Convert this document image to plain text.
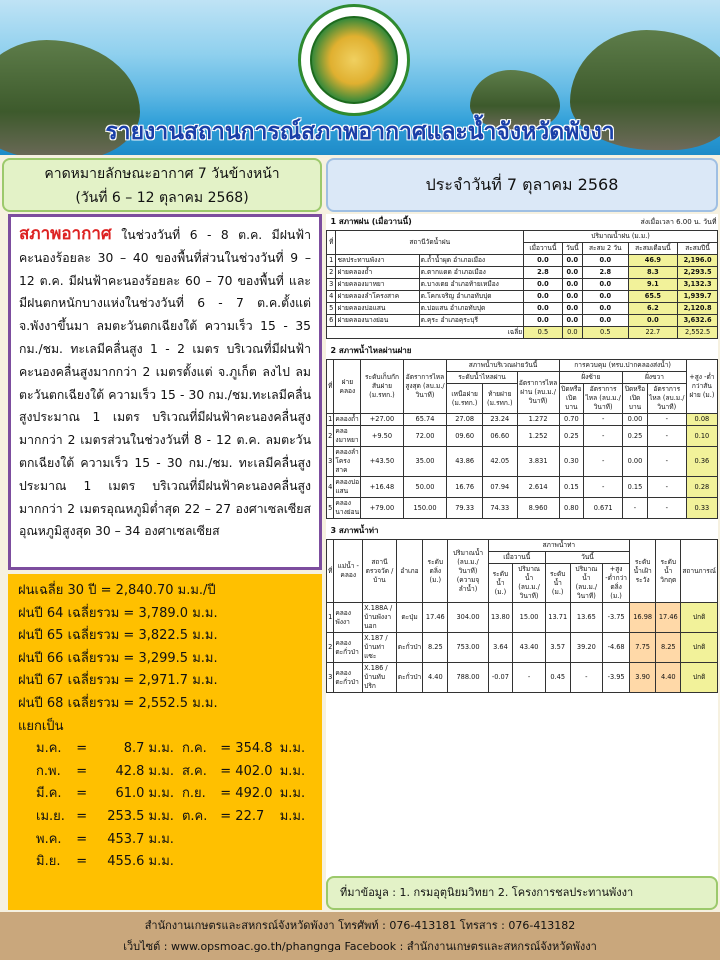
รายงานสถานการณ์สภาพอากาศและน้ำจังหวัดพังงา
คาดหมายลักษณะอากาศ 7 วันข้างหน้า
(วันที่ 6 – 12 ตุลาคม 2568)
ประจำวันที่ 7 ตุลาคม 2568
สภาพอากาศ ในช่วงวันที่ 6 - 8 ต.ค. มีฝนฟ้าคะนองร้อยละ 30 – 40 ของพื้นที่ส่วนในช่วงวันที่ 9 – 12 ต.ค. มีฝนฟ้าคะนองร้อยละ 60 – 70 ของพื้นที่ และมีฝนตกหนักบางแห่งในช่วงวันที่ 6 - 7 ต.ค.ตั้งแต่ จ.พังงาขึ้นมา ลมตะวันตกเฉียงใต้ ความเร็ว 15 - 35 กม./ชม. ทะเลมีคลื่นสูง 1 - 2 เมตร บริเวณที่มีฝนฟ้าคะนองคลื่นสูงมากกว่า 2 เมตรตั้งแต่ จ.ภูเก็ต ลงไป ลมตะวันตกเฉียงใต้ ความเร็ว 15 - 30 กม./ชม.ทะเลมีคลื่นสูงประมาณ 1 เมตร บริเวณที่มีฝนฟ้าคะนองคลื่นสูงมากกว่า 2 เมตรส่วนในช่วงวันที่ 8 - 12 ต.ค. ลมตะวันตกเฉียงใต้ ความเร็ว 15 - 30 กม./ชม. ทะเลมีคลื่นสูงประมาณ 1 เมตร บริเวณที่มีฝนฟ้าคะนองคลื่นสูงมากกว่า 2 เมตรอุณหภูมิต่ำสุด 22 – 27 องศาเซลเซียส อุณหภูมิสูงสุด 30 – 34 องศาเซลเซียส
ฝนเฉลี่ย 30 ปี = 2,840.70 ม.ม./ปี
ฝนปี 64 เฉลี่ยรวม = 3,789.0 ม.ม.
ฝนปี 65 เฉลี่ยรวม = 3,822.5 ม.ม.
ฝนปี 66 เฉลี่ยรวม = 3,299.5 ม.ม.
ฝนปี 67 เฉลี่ยรวม = 2,971.7 ม.ม.
ฝนปี 68 เฉลี่ยรวม = 2,552.5 ม.ม.
แยกเป็น
ม.ค.	=	8.7 ม.ม. ก.ค.	= 354.8 ม.ม.
ก.พ.	=	42.8 ม.ม. ส.ค.	= 402.0 ม.ม.
มี.ค.	=	61.0 ม.ม. ก.ย.	= 492.0 ม.ม.
เม.ย. =	253.5 ม.ม. ต.ค. = 22.7	ม.ม.
พ.ค.	=	453.7 ม.ม.
มิ.ย.	=	455.6 ม.ม.
1 สภาพฝน (เมื่อวานนี้)				ส่งเมื่อเวลา 6.00 น. วันที่			
ที่	สถานีวัดน้ำฝน		ปริมาณน้ำฝน (ม.ม.)				
			เมื่อวานนี้	วันนี้	สะสม 2 วัน	สะสมเดือนนี้	สะสมปีนี้
1	ชลประทานพังงา	ต.ถ้ำน้ำผุด อำเภอเมือง	0.0	0.0	0.0	46.9	2,196.0
2	ฝายคลองถ้ำ	ต.ตากแดด อำเภอเมือง	2.8	0.0	2.8	8.3	2,293.5
3	ฝายคลองมาหยา	ต.บางเตย อำเภอท้ายเหมือง	0.0	0.0	0.0	9.1	3,132.3
4	ฝายคลองลำโครงสาค	ต.โคกเจริญ อำเภอทับปุด	0.0	0.0	0.0	65.5	1,939.7
5	ฝายคลองบ่อแสน	ต.บ่อแสน อำเภอทับปุด	0.0	0.0	0.0	6.2	2,120.8
6	ฝายคลองนางย่อน	ต.คุระ อำเภอคุระบุรี	0.0	0.0	0.0	0.0	3,632.6
เฉลี่ย			0.5	0.0	0.5	22.7	2,552.5
2 สภาพน้ำไหลผ่านฝาย											
ที่	ฝายคลอง	ระดับเก็บกักสันฝาย (ม.รทก.)	อัตราการไหลสูงสุด (ลบ.ม./วินาที)	สภาพน้ำบริเวณฝายวันนี้			การควบคุม (ทรบ.ปากคลองส่งน้ำ)				+สูง -ต่ำกว่าสันฝาย (ม.)
				ระดับน้ำไหลผ่าน		อัตราการไหลผ่าน (ลบ.ม./วินาที)	ฝั่งซ้าย		ฝั่งขวา		
				เหนือฝาย (ม.รทก.)	ท้ายฝาย (ม.รทก.)		ปิดหรือเปิดบาน	อัตราการไหล (ลบ.ม./วินาที)	ปิดหรือเปิดบาน	อัตราการไหล (ลบ.ม./วินาที)	
1	คลองถ้ำ	+27.00	65.74	27.08	23.24	1.272	0.70	-	0.00	-	0.08
2	คลองมาหยา	+9.50	72.00	09.60	06.60	1.252	0.25	-	0.25	-	0.10
3	คลองลำโครงสาค	+43.50	35.00	43.86	42.05	3.831	0.30	-	0.00	-	0.36
4	คลองบ่อแสน	+16.48	50.00	16.76	07.94	2.614	0.15	-	0.15	-	0.28
5	คลองนางย่อน	+79.00	150.00	79.33	74.33	8.960	0.80	0.671	-	-	0.33
3 สภาพน้ำท่า													
ที่	แม่น้ำ - คลอง	สถานีตรวจวัด / บ้าน	อำเภอ	ระดับตลิ่ง (ม.)	ปริมาณน้ำ (ลบ.ม./วินาที) (ความจุลำน้ำ)	สภาพน้ำท่า					ระดับน้ำเฝ้าระวัง	ระดับน้ำวิกฤต	สถานการณ์
						เมื่อวานนี้		วันนี้					
						ระดับน้ำ (ม.)	ปริมาณน้ำ (ลบ.ม./วินาที)	ระดับน้ำ (ม.)	ปริมาณน้ำ (ลบ.ม./วินาที)	+สูง -ต่ำกว่าตลิ่ง (ม.)			
1	คลองพังงา	X.188A / บ้านพังงานอก	ตะปุ่ม	17.46	304.00	13.80	15.00	13.71	13.65	-3.75	16.98	17.46	ปกติ
2	คลองตะกั่วป่า	X.187 / บ้านท่าแซะ	ตะกั่วป่า	8.25	753.00	3.64	43.40	3.57	39.20	-4.68	7.75	8.25	ปกติ
3	คลองตะกั่วป่า	X.186 / บ้านทับปริก	ตะกั่วป่า	4.40	788.00	-0.07	-	0.45	-	-3.95	3.90	4.40	ปกติ
ที่มาข้อมูล : 1. กรมอุตุนิยมวิทยา 2. โครงการชลประทานพังงา
สำนักงานเกษตรและสหกรณ์จังหวัดพังงา โทรศัพท์ : 076-413181 โทรสาร : 076-413182
เว็บไซต์ : www.opsmoac.go.th/phangnga Facebook : สำนักงานเกษตรและสหกรณ์จังหวัดพังงา
